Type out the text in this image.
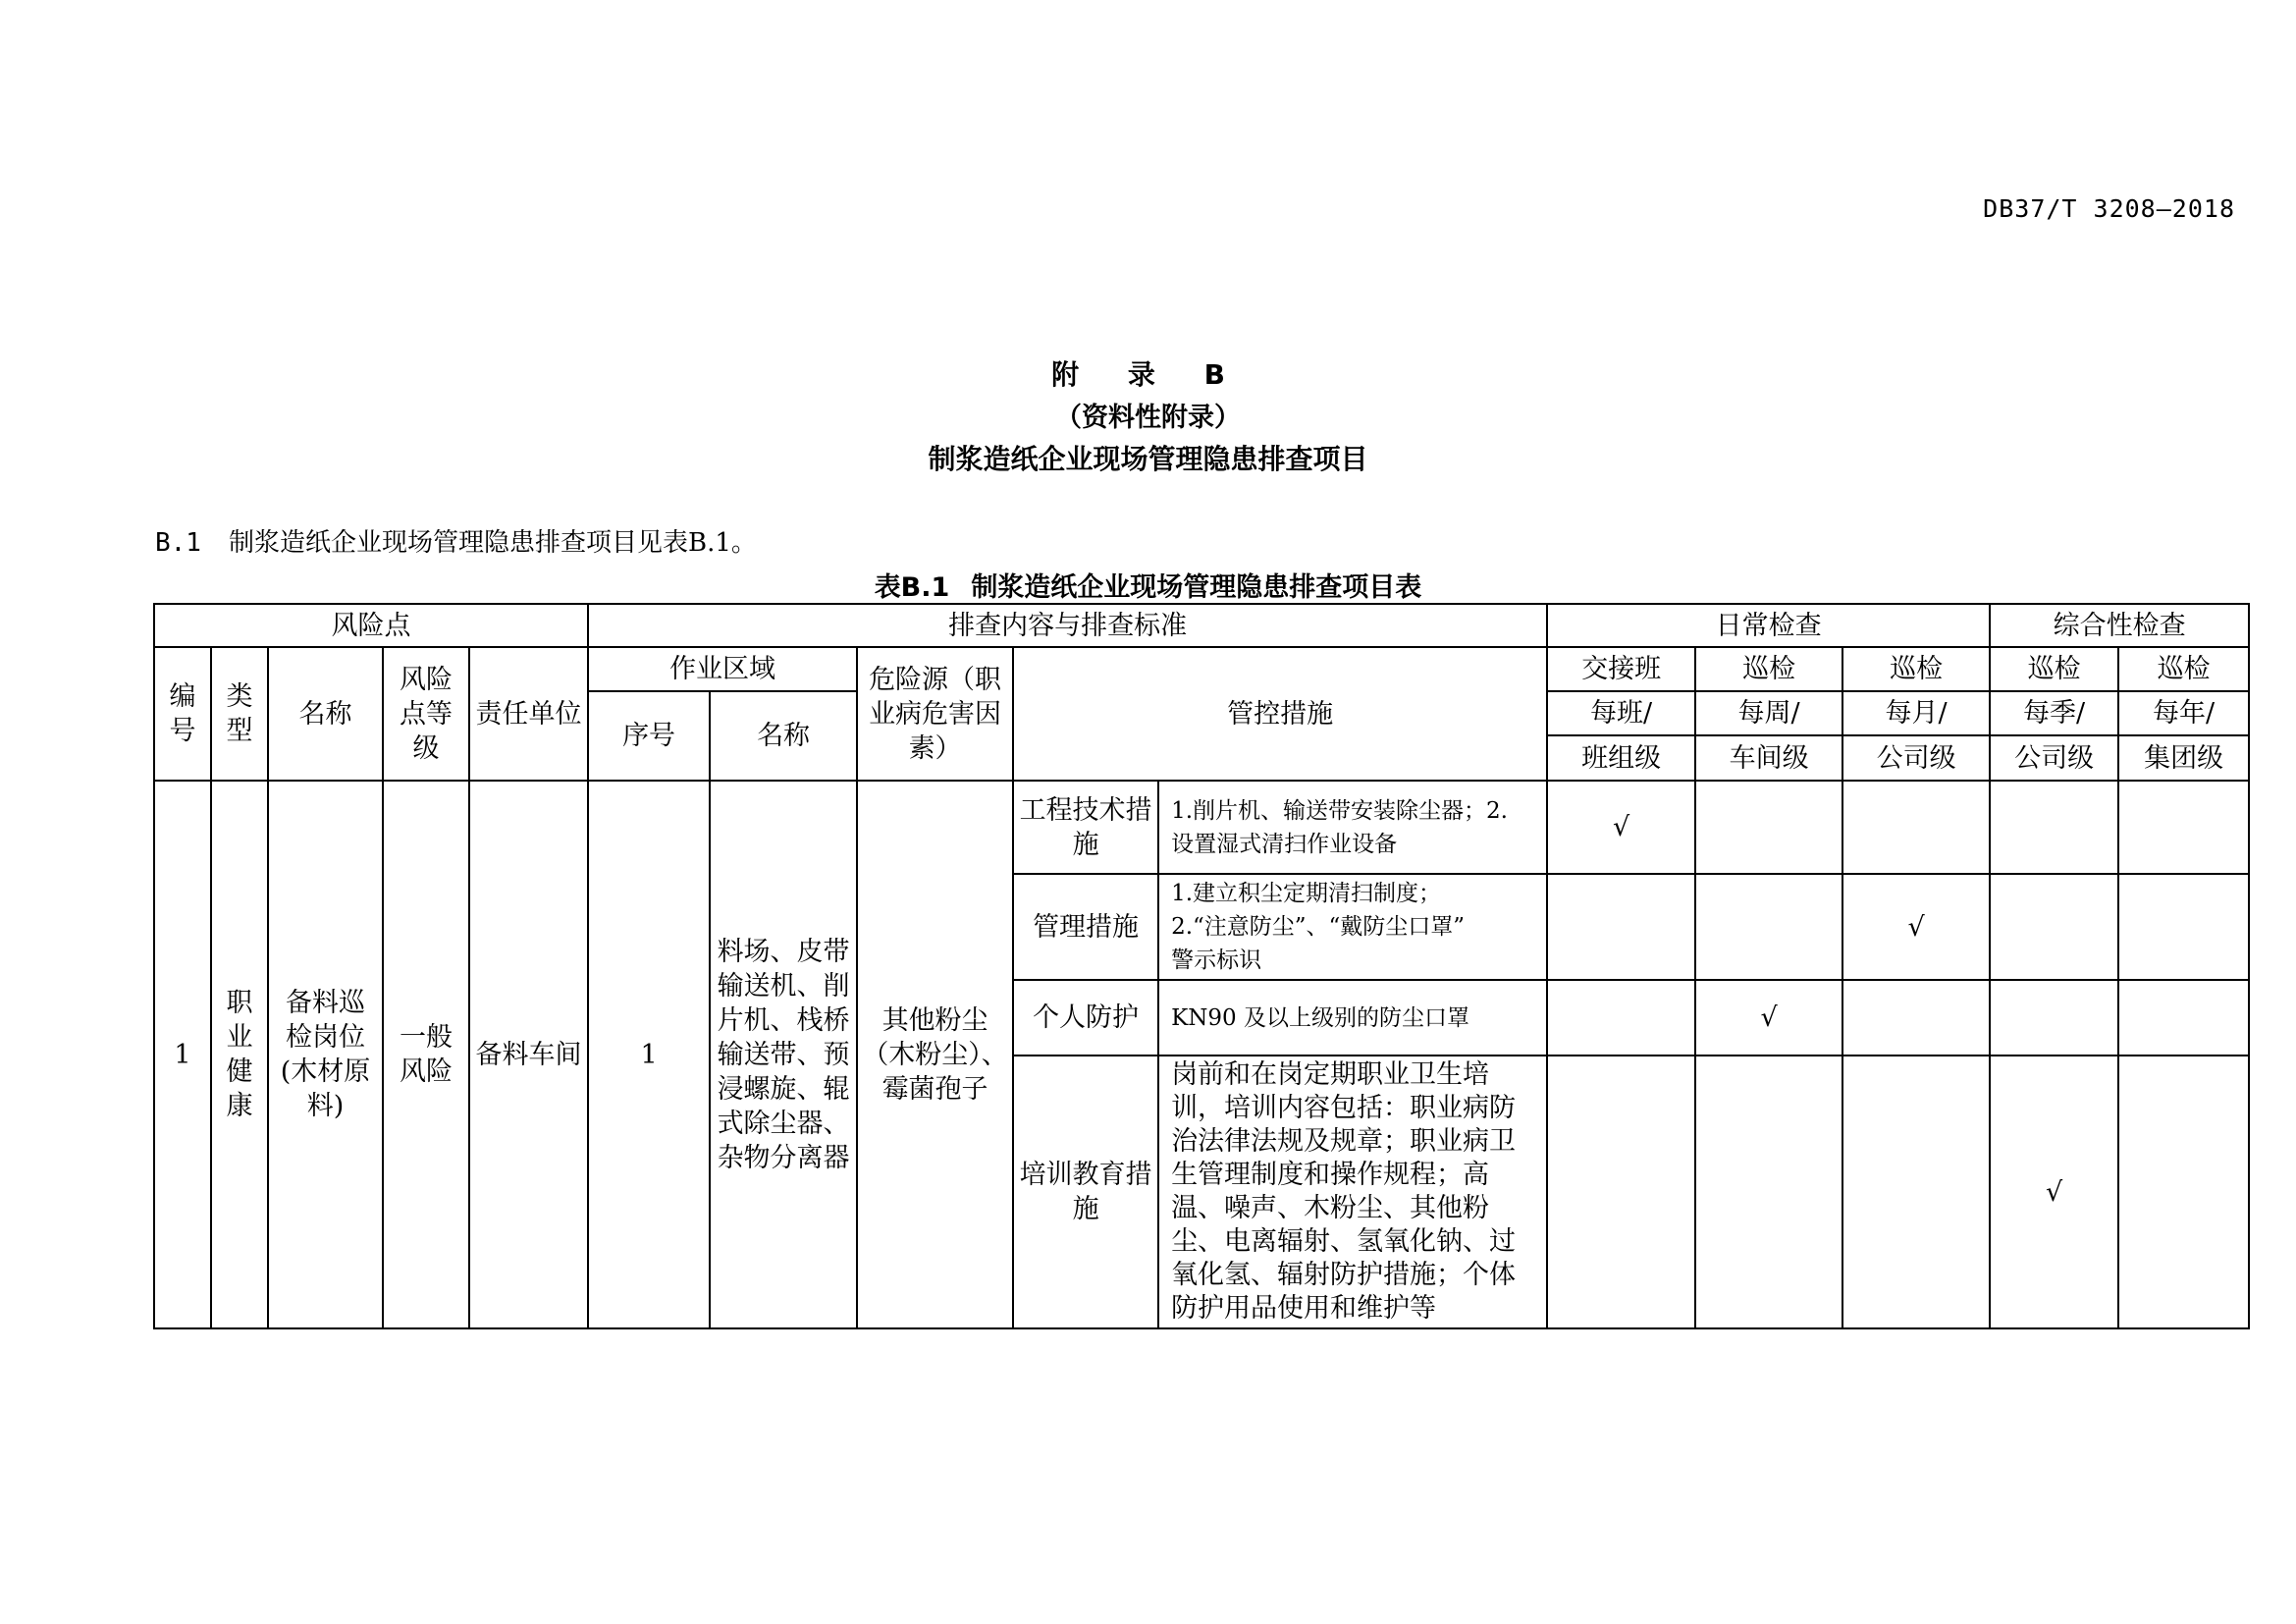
DB37/T 3208—2018
附 录 B
（资料性附录）
制浆造纸企业现场管理隐患排查项目
B.1 制浆造纸企业现场管理隐患排查项目见表B.1。
表B.1 制浆造纸企业现场管理隐患排查项目表
风险点					排查内容与排查标准					日常检查			综合性检查	
编号	类型	名称	风险点等级	责任单位	作业区域		危险源（职业病危害因素）	管控措施		交接班	巡检	巡检	巡检	巡检
					序号	名称				每班/	每周/	每月/	每季/	每年/
										班组级	车间级	公司级	公司级	集团级
1	职业健康	备料巡检岗位(木材原料)	一般风险	备料车间	1	料场、皮带输送机、削片机、栈桥输送带、预浸螺旋、辊式除尘器、杂物分离器	其他粉尘（木粉尘）、霉菌孢子	工程技术措施	1.削片机、输送带安装除尘器；2.
设置湿式清扫作业设备	√				
								管理措施	1.建立积尘定期清扫制度；
2.“注意防尘”、“戴防尘口罩”
警示标识			√		
								个人防护	KN90 及以上级别的防尘口罩		√			
								培训教育措施	岗前和在岗定期职业卫生培训，培训内容包括：职业病防治法律法规及规章；职业病卫生管理制度和操作规程；高温、噪声、木粉尘、其他粉尘、电离辐射、氢氧化钠、过氧化氢、辐射防护措施；个体防护用品使用和维护等				√	
